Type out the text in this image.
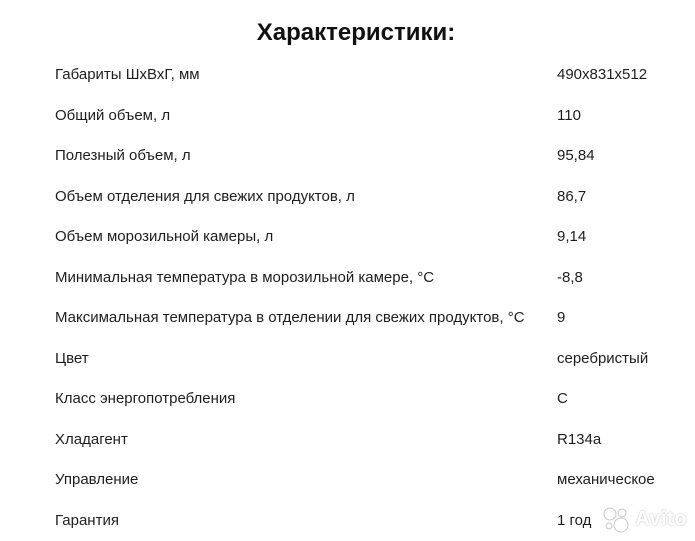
Характеристики:
Габариты ШхВхГ, мм	490x831x512
Общий объем, л	110
Полезный объем, л	95,84
Объем отделения для свежих продуктов, л	86,7
Объем морозильной камеры, л	9,14
Минимальная температура в морозильной камере, °С	-8,8
Максимальная температура в отделении для свежих продуктов, °С 9
Цвет	серебристый
Класс энергопотребления	С
Хладагент	R134a
Управление	механическое
Гарантия	1 год Avito
